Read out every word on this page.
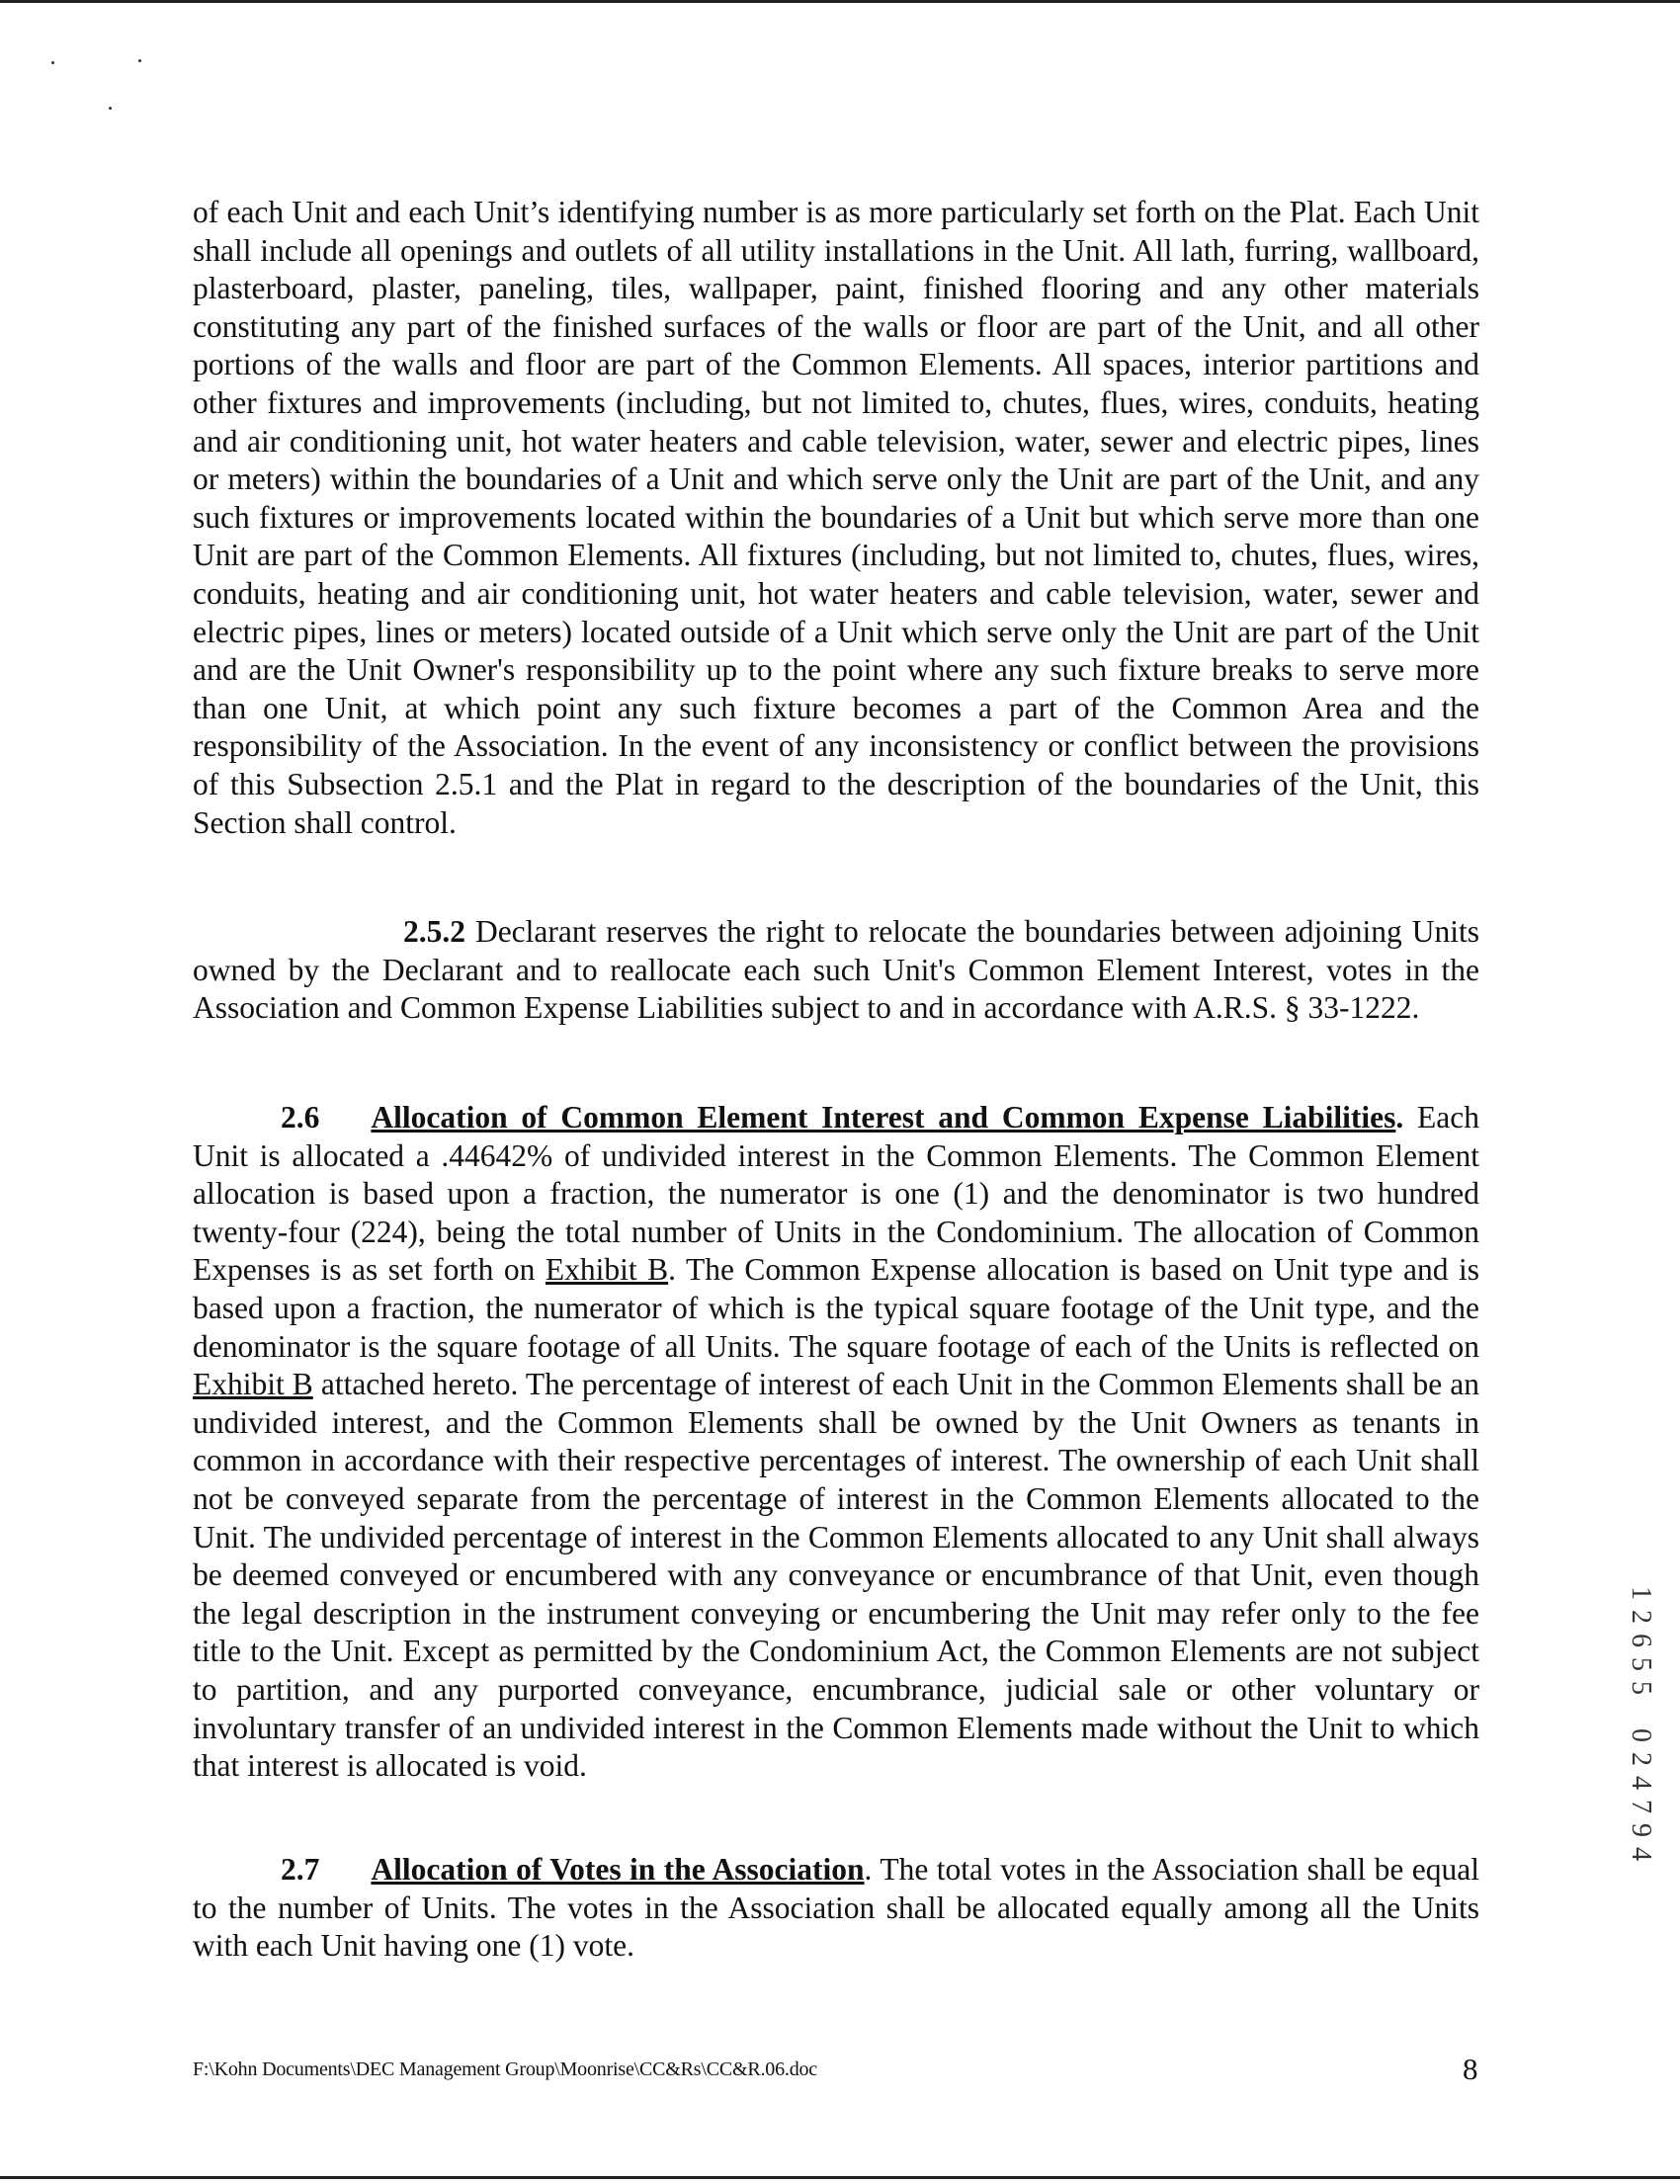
of each Unit and each Unit’s identifying number is as more particularly set forth on the Plat. Each Unit shall include all openings and outlets of all utility installations in the Unit. All lath, furring, wallboard, plasterboard, plaster, paneling, tiles, wallpaper, paint, finished flooring and any other materials constituting any part of the finished surfaces of the walls or floor are part of the Unit, and all other portions of the walls and floor are part of the Common Elements. All spaces, interior partitions and other fixtures and improvements (including, but not limited to, chutes, flues, wires, conduits, heating and air conditioning unit, hot water heaters and cable television, water, sewer and electric pipes, lines or meters) within the boundaries of a Unit and which serve only the Unit are part of the Unit, and any such fixtures or improvements located within the boundaries of a Unit but which serve more than one Unit are part of the Common Elements. All fixtures (including, but not limited to, chutes, flues, wires, conduits, heating and air conditioning unit, hot water heaters and cable television, water, sewer and electric pipes, lines or meters) located outside of a Unit which serve only the Unit are part of the Unit and are the Unit Owner's responsibility up to the point where any such fixture breaks to serve more than one Unit, at which point any such fixture becomes a part of the Common Area and the responsibility of the Association. In the event of any inconsistency or conflict between the provisions of this Subsection 2.5.1 and the Plat in regard to the description of the boundaries of the Unit, this Section shall control.

2.5.2 Declarant reserves the right to relocate the boundaries between adjoining Units owned by the Declarant and to reallocate each such Unit's Common Element Interest, votes in the Association and Common Expense Liabilities subject to and in accordance with A.R.S. § 33-1222.

2.6 Allocation of Common Element Interest and Common Expense Liabilities. Each Unit is allocated a .44642% of undivided interest in the Common Elements. The Common Element allocation is based upon a fraction, the numerator is one (1) and the denominator is two hundred twenty-four (224), being the total number of Units in the Condominium. The allocation of Common Expenses is as set forth on Exhibit B. The Common Expense allocation is based on Unit type and is based upon a fraction, the numerator of which is the typical square footage of the Unit type, and the denominator is the square footage of all Units. The square footage of each of the Units is reflected on Exhibit B attached hereto. The percentage of interest of each Unit in the Common Elements shall be an undivided interest, and the Common Elements shall be owned by the Unit Owners as tenants in common in accordance with their respective percentages of interest. The ownership of each Unit shall not be conveyed separate from the percentage of interest in the Common Elements allocated to the Unit. The undivided percentage of interest in the Common Elements allocated to any Unit shall always be deemed conveyed or encumbered with any conveyance or encumbrance of that Unit, even though the legal description in the instrument conveying or encumbering the Unit may refer only to the fee title to the Unit. Except as permitted by the Condominium Act, the Common Elements are not subject to partition, and any purported conveyance, encumbrance, judicial sale or other voluntary or involuntary transfer of an undivided interest in the Common Elements made without the Unit to which that interest is allocated is void.

2.7 Allocation of Votes in the Association. The total votes in the Association shall be equal to the number of Units. The votes in the Association shall be allocated equally among all the Units with each Unit having one (1) vote.

F:\Kohn Documents\DEC Management Group\Moonrise\CC&Rs\CC&R.06.doc	8
1
2
6
5
5
0
2
4
7
9
4
